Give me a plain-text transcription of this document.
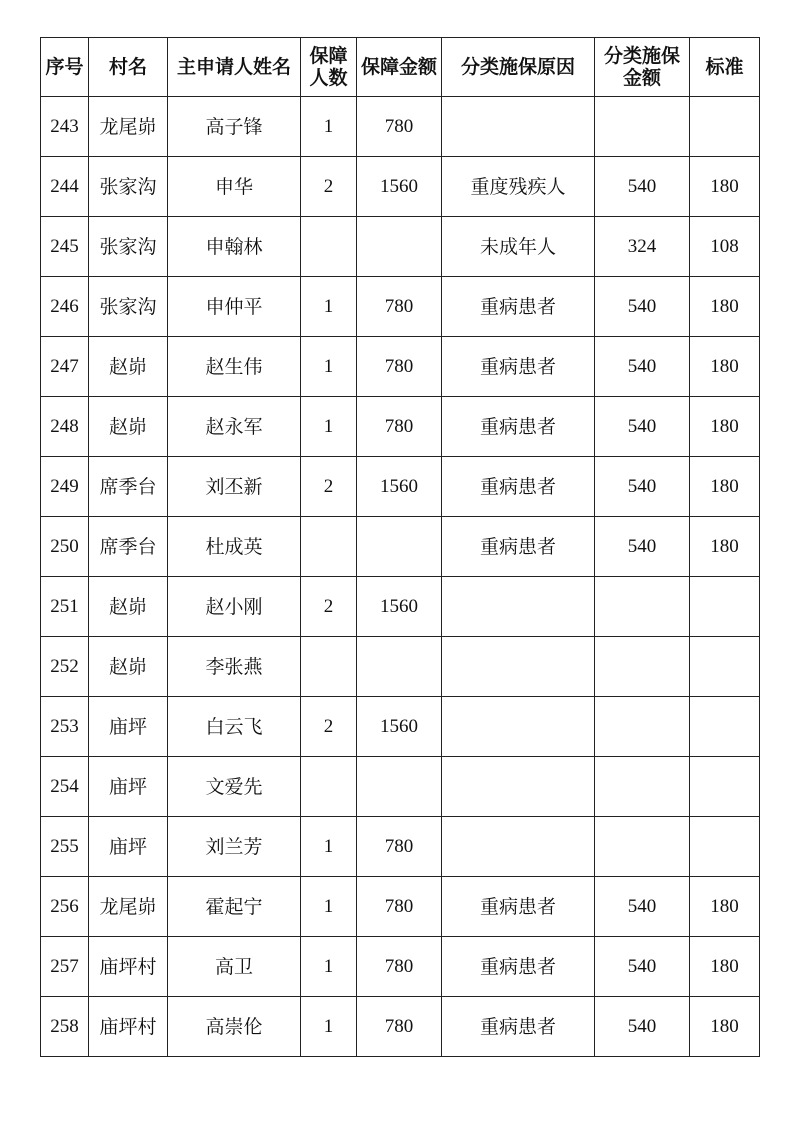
序号	村名	主申请人姓名	保障人数	保障金额	分类施保原因	分类施保金额	标准
243	龙尾峁	高子锋	1	780			
244	张家沟	申华	2	1560	重度残疾人	540	180
245	张家沟	申翰林			未成年人	324	108
246	张家沟	申仲平	1	780	重病患者	540	180
247	赵峁	赵生伟	1	780	重病患者	540	180
248	赵峁	赵永军	1	780	重病患者	540	180
249	席季台	刘丕新	2	1560	重病患者	540	180
250	席季台	杜成英			重病患者	540	180
251	赵峁	赵小刚	2	1560			
252	赵峁	李张燕					
253	庙坪	白云飞	2	1560			
254	庙坪	文爱先					
255	庙坪	刘兰芳	1	780			
256	龙尾峁	霍起宁	1	780	重病患者	540	180
257	庙坪村	高卫	1	780	重病患者	540	180
258	庙坪村	高崇伦	1	780	重病患者	540	180
